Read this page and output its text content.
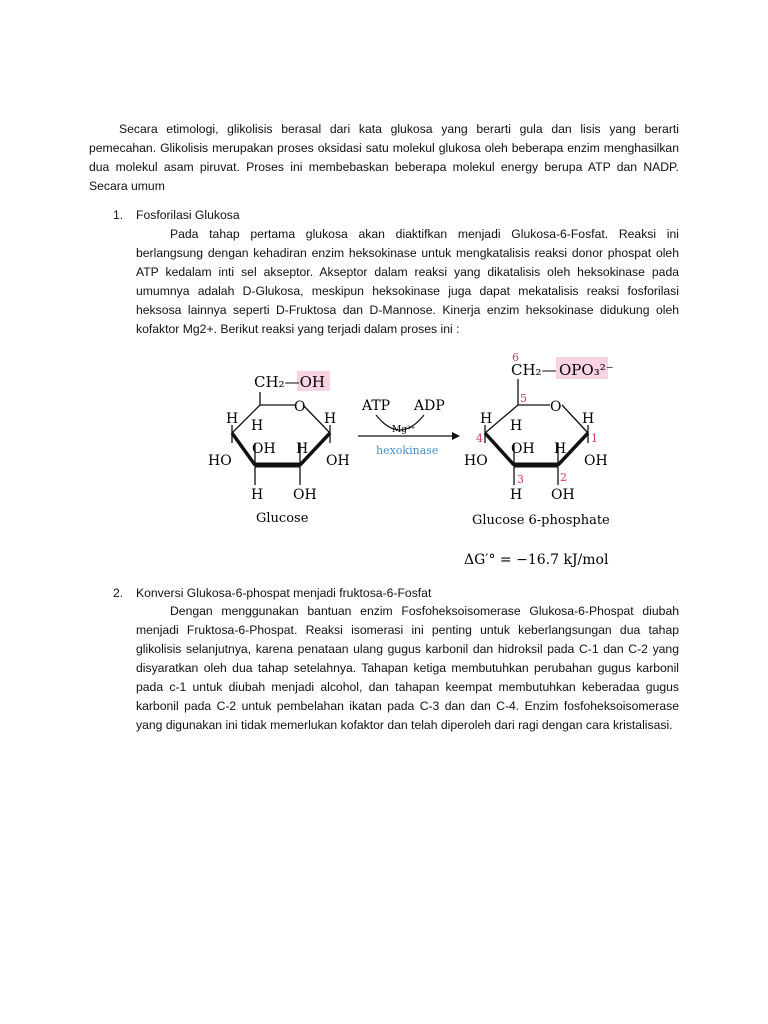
Secara etimologi, glikolisis berasal dari kata glukosa yang berarti gula dan lisis yang berarti pemecahan. Glikolisis merupakan proses oksidasi satu molekul glukosa oleh beberapa enzim menghasilkan dua molekul asam piruvat. Proses ini membebaskan beberapa molekul energy berupa ATP dan NADP. Secara umum

1. Fosforilasi Glukosa

Pada tahap pertama glukosa akan diaktifkan menjadi Glukosa-6-Fosfat. Reaksi ini berlangsung dengan kehadiran enzim heksokinase untuk mengkatalisis reaksi donor phospat oleh ATP kedalam inti sel akseptor. Akseptor dalam reaksi yang dikatalisis oleh heksokinase pada umumnya adalah D-Glukosa, meskipun heksokinase juga dapat mekatalisis reaksi fosforilasi heksosa lainnya seperti D-Fruktosa dan D-Mannose. Kinerja enzim heksokinase didukung oleh kofaktor Mg2+. Berikut reaksi yang terjadi dalam proses ini :

CH₂—OH
O
H	H
H
OH H
HO	OH
H OH
Glucose
ATP ADP
Mg²⁺
hexokinase
6
CH₂— OPO₃²⁻
5
O
H	H
H
4	1
OH H
HO	OH
3	2
H OH
Glucose 6-phosphate
ΔG′° = −16.7 kJ/mol
2. Konversi Glukosa-6-phospat menjadi fruktosa-6-Fosfat

Dengan menggunakan bantuan enzim Fosfoheksoisomerase Glukosa-6-Phospat diubah menjadi Fruktosa-6-Phospat. Reaksi isomerasi ini penting untuk keberlangsungan dua tahap glikolisis selanjutnya, karena penataan ulang gugus karbonil dan hidroksil pada C-1 dan C-2 yang disyaratkan oleh dua tahap setelahnya. Tahapan ketiga membutuhkan perubahan gugus karbonil pada c-1 untuk diubah menjadi alcohol, dan tahapan keempat membutuhkan keberadaa gugus karbonil pada C-2 untuk pembelahan ikatan pada C-3 dan dan C-4. Enzim fosfoheksoisomerase yang digunakan ini tidak memerlukan kofaktor dan telah diperoleh dari ragi dengan cara kristalisasi.
